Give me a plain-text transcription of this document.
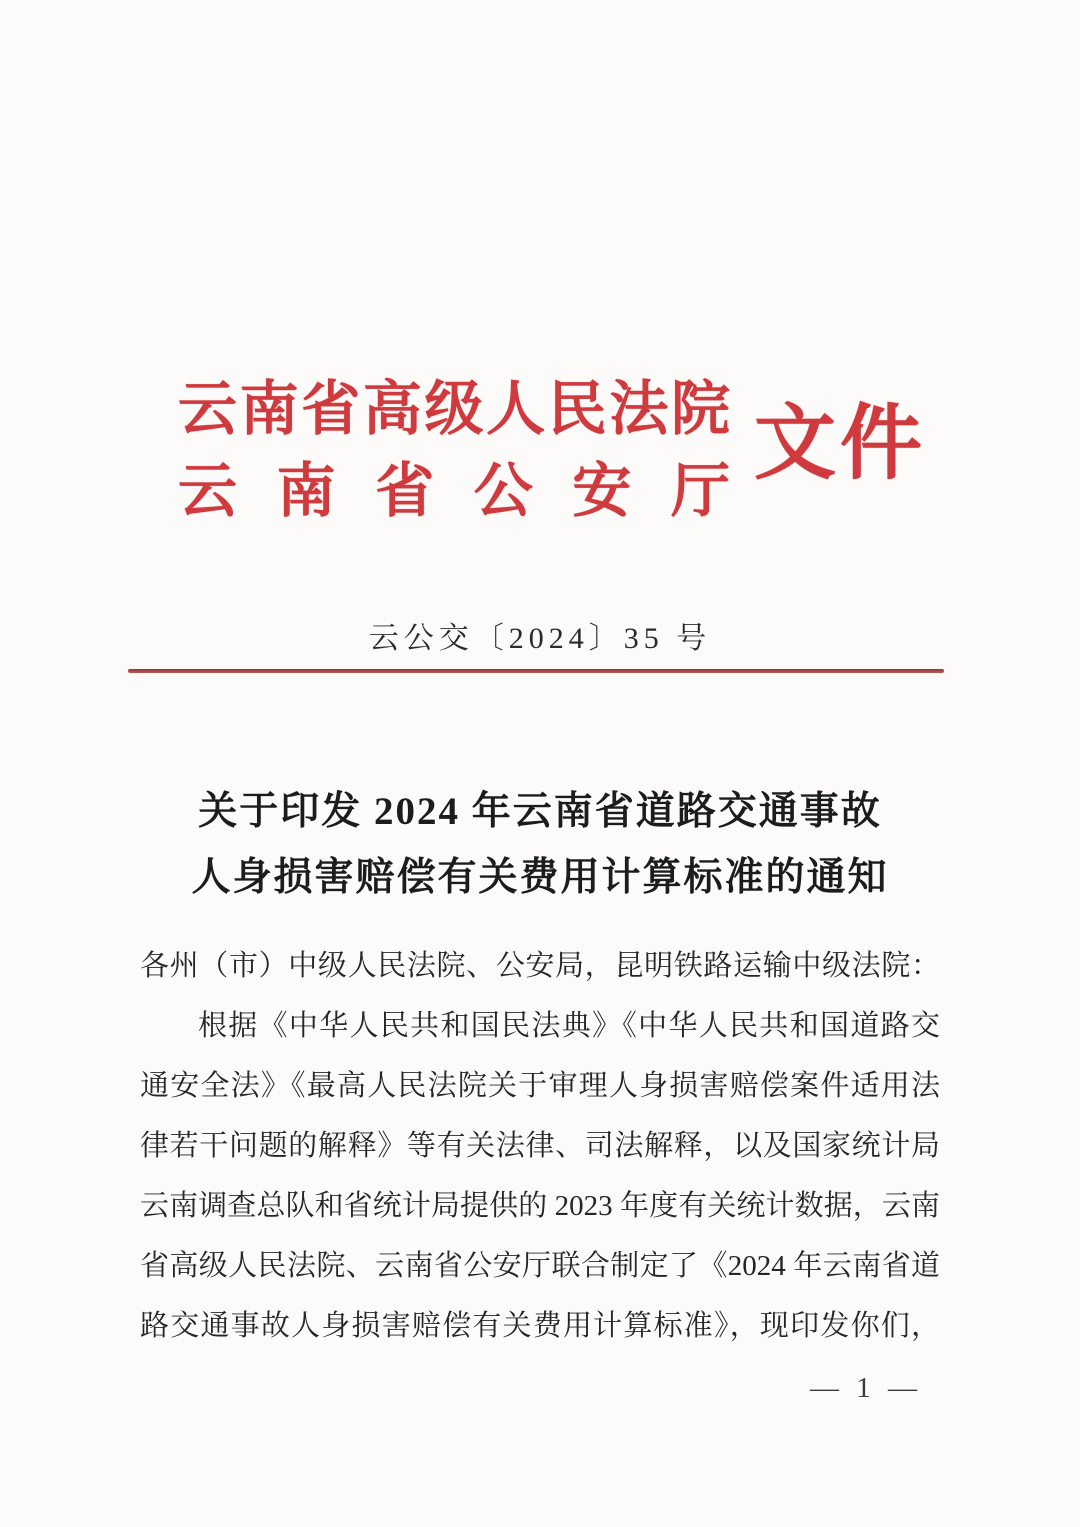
云南省高级人民法院
云南省公安厅
文件
云公交〔2024〕35 号
关于印发 2024 年云南省道路交通事故
人身损害赔偿有关费用计算标准的通知
各州（市）中级人民法院、公安局，昆明铁路运输中级法院：
根据《中华人民共和国民法典》《中华人民共和国道路交
通安全法》《最高人民法院关于审理人身损害赔偿案件适用法
律若干问题的解释》等有关法律、司法解释，以及国家统计局
云南调查总队和省统计局提供的 2023 年度有关统计数据，云南
省高级人民法院、云南省公安厅联合制定了《2024 年云南省道
路交通事故人身损害赔偿有关费用计算标准》，现印发你们，
— 1 —
